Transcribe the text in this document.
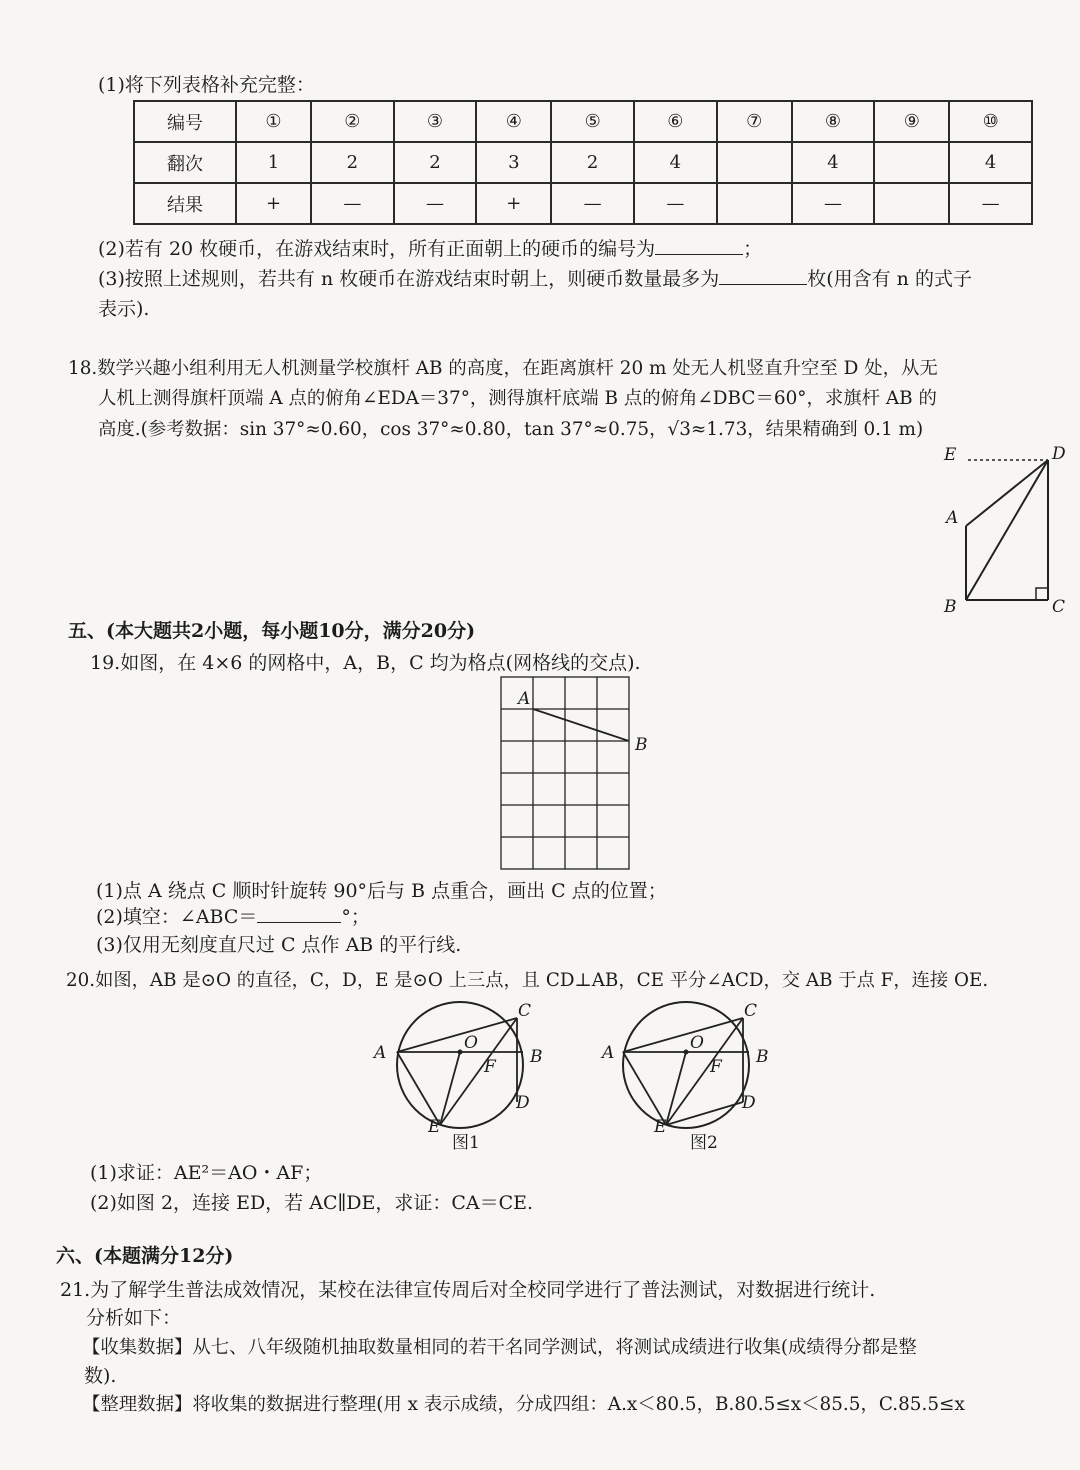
(1)将下列表格补充完整：
编号	①	②	③	④	⑤	⑥	⑦	⑧	⑨	⑩
翻次	1	2	2	3	2	4		4		4
结果	+	—	—	+	—	—		—		—
(2)若有 20 枚硬币，在游戏结束时，所有正面朝上的硬币的编号为	；
(3)按照上述规则，若共有 n 枚硬币在游戏结束时朝上，则硬币数量最多为	枚(用含有 n 的式子
表示).
18.数学兴趣小组利用无人机测量学校旗杆 AB 的高度，在距离旗杆 20 m 处无人机竖直升空至 D 处，从无
人机上测得旗杆顶端 A 点的俯角∠EDA＝37°，测得旗杆底端 B 点的俯角∠DBC＝60°，求旗杆 AB 的
高度.(参考数据：sin 37°≈0.60，cos 37°≈0.80，tan 37°≈0.75，√3≈1.73，结果精确到 0.1 m)
E	D
A
B	C
五、(本大题共2小题，每小题10分，满分20分)
19.如图，在 4×6 的网格中，A，B，C 均为格点(网格线的交点).
A
B
(1)点 A 绕点 C 顺时针旋转 90°后与 B 点重合，画出 C 点的位置；
(2)填空：∠ABC＝	°；
(3)仅用无刻度直尺过 C 点作 AB 的平行线.
20.如图，AB 是⊙O 的直径，C，D，E 是⊙O 上三点，且 CD⊥AB，CE 平分∠ACD，交 AB 于点 F，连接 OE.
A	B
C
D
E
O
F
图1
A	B
C
D
E
O
F
图2
(1)求证：AE²＝AO・AF；
(2)如图 2，连接 ED，若 AC∥DE，求证：CA＝CE.
六、(本题满分12分)
21.为了解学生普法成效情况，某校在法律宣传周后对全校同学进行了普法测试，对数据进行统计.
分析如下：
【收集数据】从七、八年级随机抽取数量相同的若干名同学测试，将测试成绩进行收集(成绩得分都是整
数).
【整理数据】将收集的数据进行整理(用 x 表示成绩，分成四组：A.x＜80.5，B.80.5≤x＜85.5，C.85.5≤x
